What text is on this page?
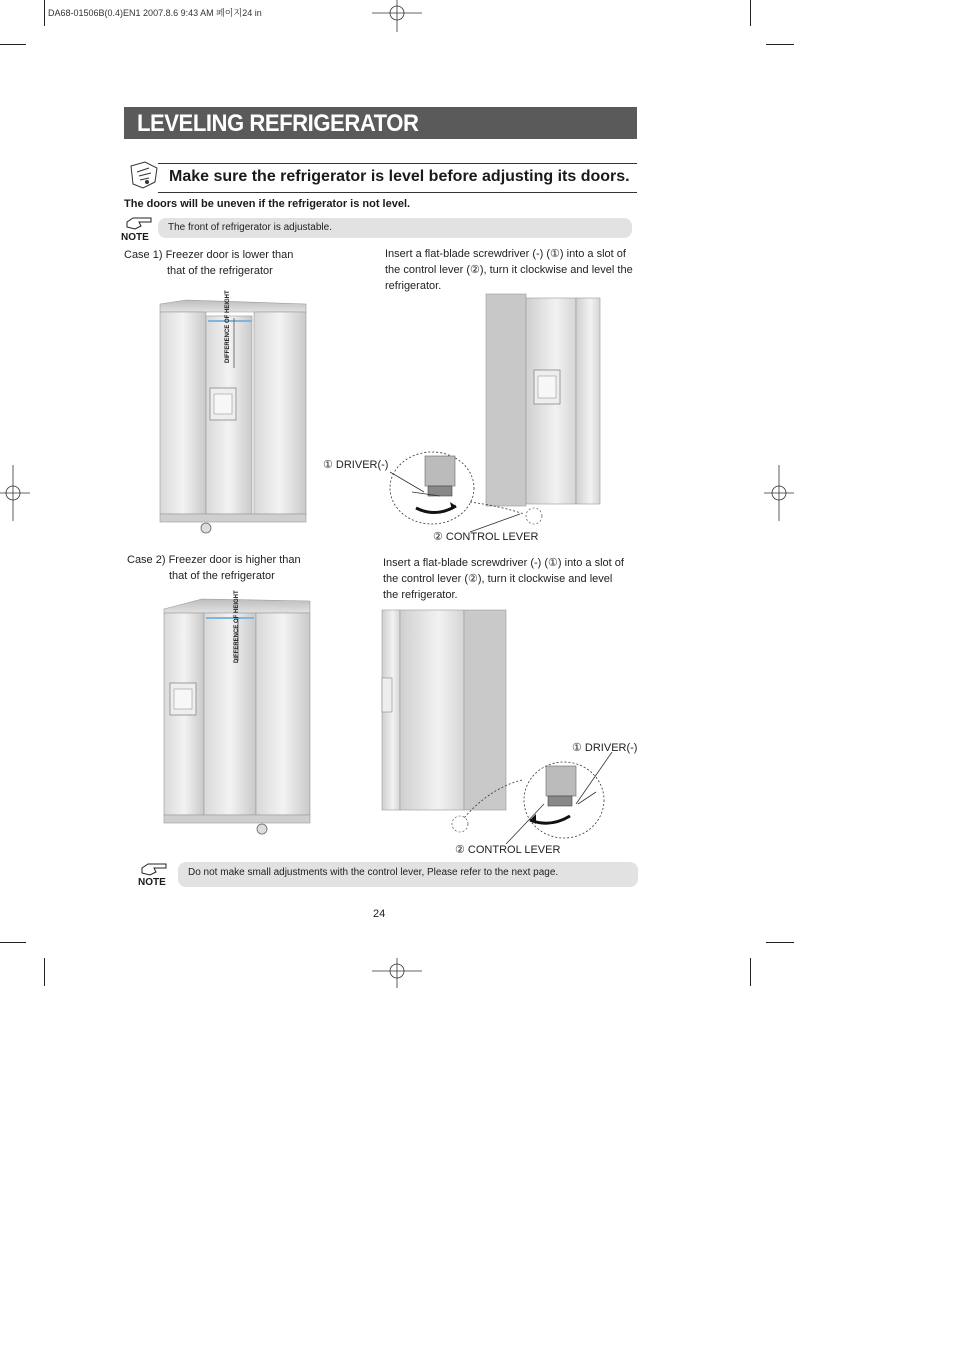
DA68-01506B(0.4)EN1 2007.8.6 9:43 AM 페이지24 in
LEVELING REFRIGERATOR
Make sure the refrigerator is level before adjusting its doors.
The doors will be uneven if the refrigerator is not level.
NOTE
The front of refrigerator is adjustable.
Case 1) Freezer door is lower than
that of the refrigerator
Insert a flat-blade screwdriver (-) (①) into a slot of
the control lever (②), turn it clockwise and level the
refrigerator.
DIFFERENCE OF HEIGHT
① DRIVER(-)
② CONTROL LEVER
Case 2) Freezer door is higher than
that of the refrigerator
Insert a flat-blade screwdriver (-) (①) into a slot of
the control lever (②), turn it clockwise and level
the refrigerator.
DIFFERENCE OF HEIGHT
① DRIVER(-)
② CONTROL LEVER
NOTE
Do not make small adjustments with the control lever, Please refer to the next page.
24
